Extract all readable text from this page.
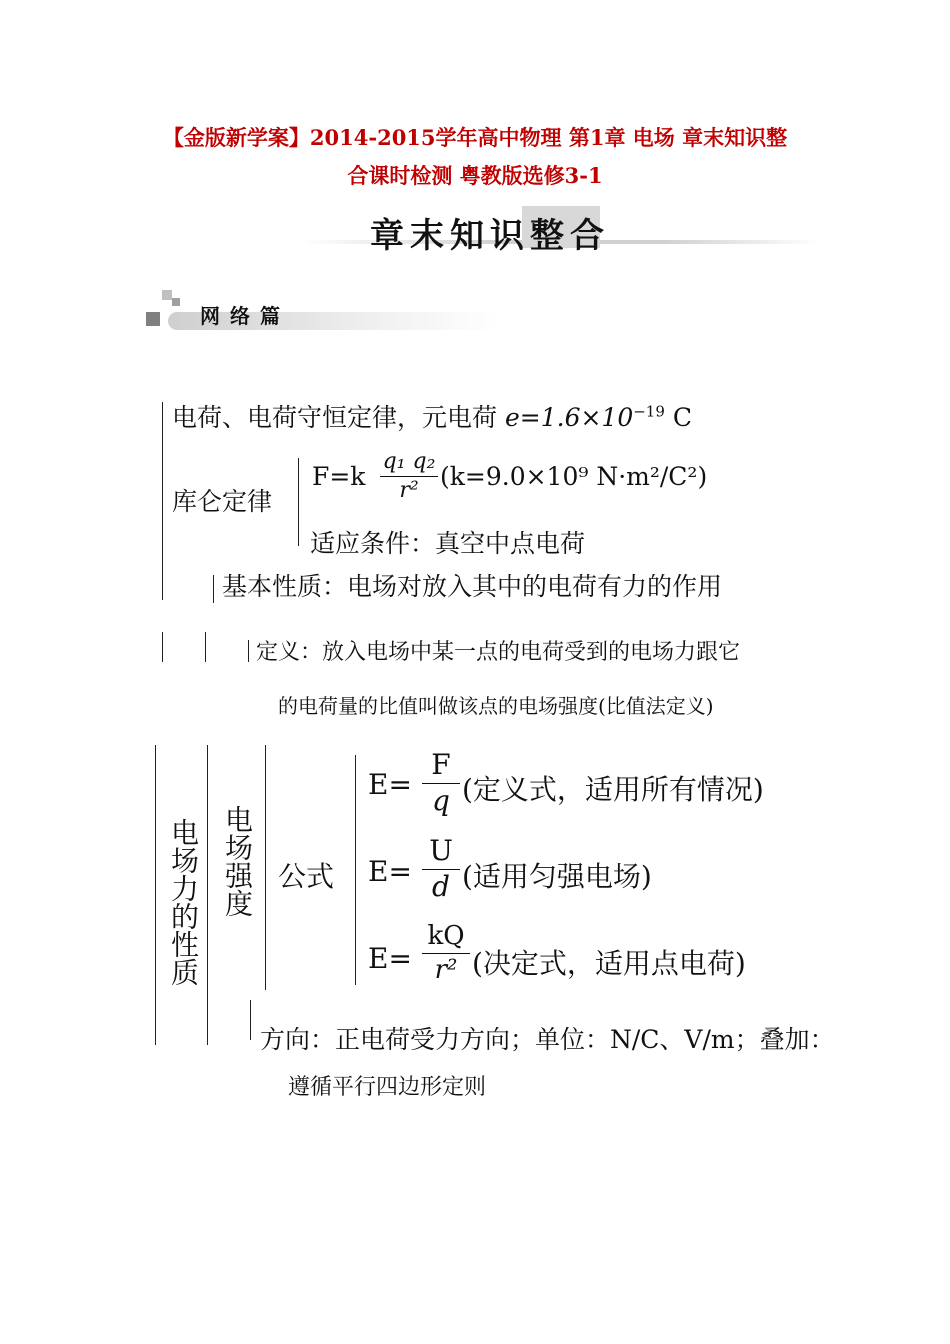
【金版新学案】2014-2015学年高中物理 第1章 电场 章末知识整
合课时检测 粤教版选修3-1
章末知识整合
网络篇
电荷、电荷守恒定律，元电荷 $e=1.6\times 10^{-19}$ C
库仑定律
F=k
q₁ q₂
r² (k=9.0×10⁹ N·m²/C²)
适应条件：真空中点电荷
基本性质：电场对放入其中的电荷有力的作用
定义：放入电场中某一点的电荷受到的电场力跟它
的电荷量的比值叫做该点的电场强度(比值法定义)
电场力的性质 电场强度 公式
E=
F
q (定义式，适用所有情况)
E=
U
d (适用匀强电场)
E=
kQ
r² (决定式，适用点电荷)
方向：正电荷受力方向；单位：N/C、V/m；叠加：
遵循平行四边形定则
